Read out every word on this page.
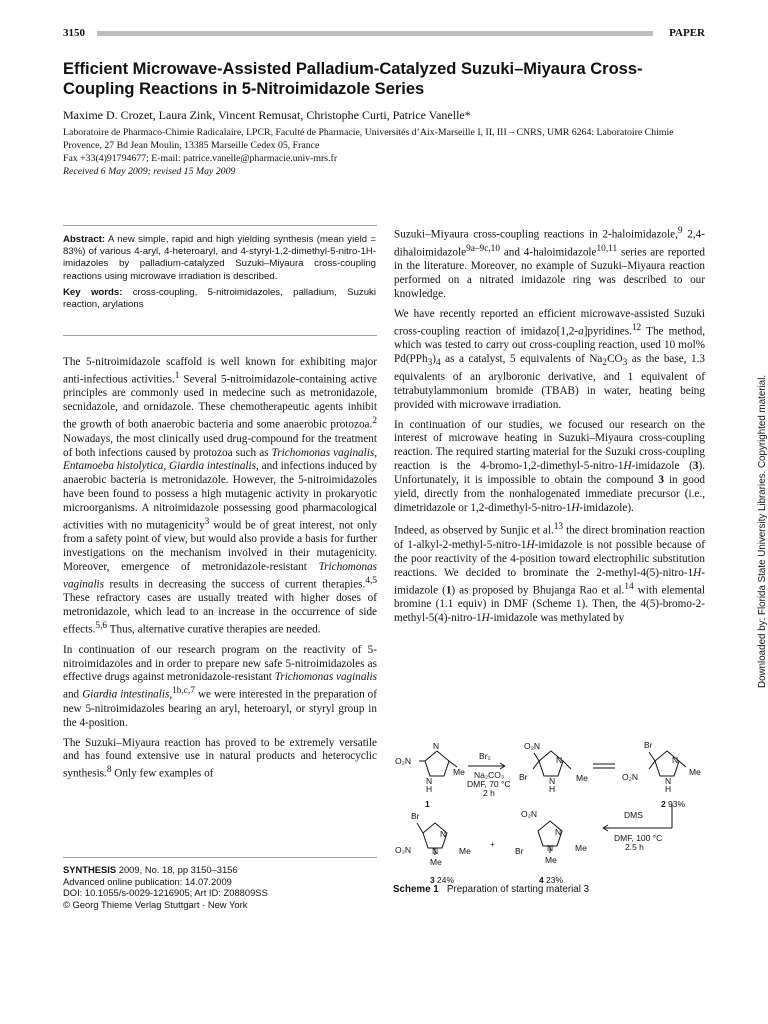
3150	PAPER
Efficient Microwave-Assisted Palladium-Catalyzed Suzuki–Miyaura Cross-Coupling Reactions in 5-Nitroimidazole Series
Maxime D. Crozet, Laura Zink, Vincent Remusat, Christophe Curti, Patrice Vanelle*

Laboratoire de Pharmaco-Chimie Radicalaire, LPCR, Faculté de Pharmacie, Universités d’Aix-Marseille I, II, III – CNRS, UMR 6264: Laboratoire Chimie Provence, 27 Bd Jean Moulin, 13385 Marseille Cedex 05, France

Fax +33(4)91794677; E-mail: patrice.vanelle@pharmacie.univ-mrs.fr

Received 6 May 2009; revised 15 May 2009

Abstract: A new simple, rapid and high yielding synthesis (mean yield = 83%) of various 4-aryl, 4-heteroaryl, and 4-styryl-1,2-dimethyl-5-nitro-1H-imidazoles by palladium-catalyzed Suzuki–Miyaura cross-coupling reactions using microwave irradiation is described.

Key words: cross-coupling, 5-nitroimidazoles, palladium, Suzuki reaction, arylations

The 5-nitroimidazole scaffold is well known for exhibiting major anti-infectious activities.$^1$ Several 5-nitroimidazole-containing active principles are commonly used in medecine such as metronidazole, secnidazole, and ornidazole. These chemotherapeutic agents inhibit the growth of both anaerobic bacteria and some anaerobic protozoa.$^2$ Nowadays, the most clinically used drug-compound for the treatment of both infections caused by protozoa such as Trichomonas vaginalis, Entamoeba histolytica, Giardia intestinalis, and infections induced by anaerobic bacteria is metronidazole. However, the 5-nitroimidazoles have been found to possess a high mutagenic activity in prokaryotic microorganisms. A nitroimidazole possessing good pharmacological activities with no mutagenicity$^3$ would be of great interest, not only from a safety point of view, but would also provide a basis for further investigations on the mechanism involved in their mutagenicity. Moreover, emergence of metronidazole-resistant Trichomonas vaginalis results in decreasing the success of current therapies.$^{4,5}$ These refractory cases are usually treated with higher doses of metronidazole, which lead to an increase in the occurrence of side effects.$^{5,6}$ Thus, alternative curative therapies are needed.

In continuation of our research program on the reactivity of 5-nitroimidazoles and in order to prepare new safe 5-nitroimidazoles as effective drugs against metronidazole-resistant Trichomonas vaginalis and Giardia intestinalis,$^{1b,c,7}$ we were interested in the preparation of new 5-nitroimidazoles bearing an aryl, heteroaryl, or styryl group in the 4-position.

The Suzuki–Miyaura reaction has proved to be extremely versatile and has found extensive use in natural products and heterocyclic synthesis.$^8$ Only few examples of

Suzuki–Miyaura cross-coupling reactions in 2-haloimidazole,$^9$ 2,4-dihaloimidazole$^{9a-9c,10}$ and 4-haloimidazole$^{10,11}$ series are reported in the literature. Moreover, no example of Suzuki–Miyaura reaction performed on a nitrated imidazole ring was described to our knowledge.

We have recently reported an efficient microwave-assisted Suzuki cross-coupling reaction of imidazo[1,2-a]pyridines.$^{12}$ The method, which was tested to carry out cross-coupling reaction, used 10 mol% $Pd(PPh_3)_4$ as a catalyst, 5 equivalents of $Na_2CO_3$ as the base, 1.3 equivalents of an arylboronic derivative, and 1 equivalent of tetrabutylammonium bromide (TBAB) in water, heating being provided with microwave irradiation.

In continuation of our studies, we focused our research on the interest of microwave heating in Suzuki–Miyaura cross-coupling reaction. The required starting material for the Suzuki cross-coupling reaction is the 4-bromo-1,2-dimethyl-5-nitro-1H-imidazole (3). Unfortunately, it is impossible to obtain the compound 3 in good yield, directly from the nonhalogenated immediate precursor (i.e., dimetridazole or 1,2-dimethyl-5-nitro-1H-imidazole).

Indeed, as observed by Sunjic et al.$^{13}$ the direct bromination reaction of 1-alkyl-2-methyl-5-nitro-1H-imidazole is not possible because of the poor reactivity of the 4-position toward electrophilic substitution reactions. We decided to brominate the 2-methyl-4(5)-nitro-1H-imidazole (1) as proposed by Bhujanga Rao et al.$^{14}$ with elemental bromine (1.1 equiv) in DMF (Scheme 1). Then, the 4(5)-bromo-2-methyl-5(4)-nitro-1H-imidazole was methylated by

O₂N
N
Me
N
H
1
Br₂
Na₂CO₃
DMF, 70 °C
2 h
O₂N
N
Br	Me
N
H
Br
N
O₂N	Me
N
H
2 93%
DMS
DMF, 100 °C
2.5 h
Br
N
O₂N N Me
Me
3 24%
+
O₂N
N
Br	N	Me
Me
4 23%
Scheme 1 Preparation of starting material 3

SYNTHESIS 2009, No. 18, pp 3150–3156

Advanced online publication: 14.07.2009

DOI: 10.1055/s-0029-1216905; Art ID: Z08809SS

© Georg Thieme Verlag Stuttgart · New York

Downloaded by: Florida State University Libraries. Copyrighted material.
